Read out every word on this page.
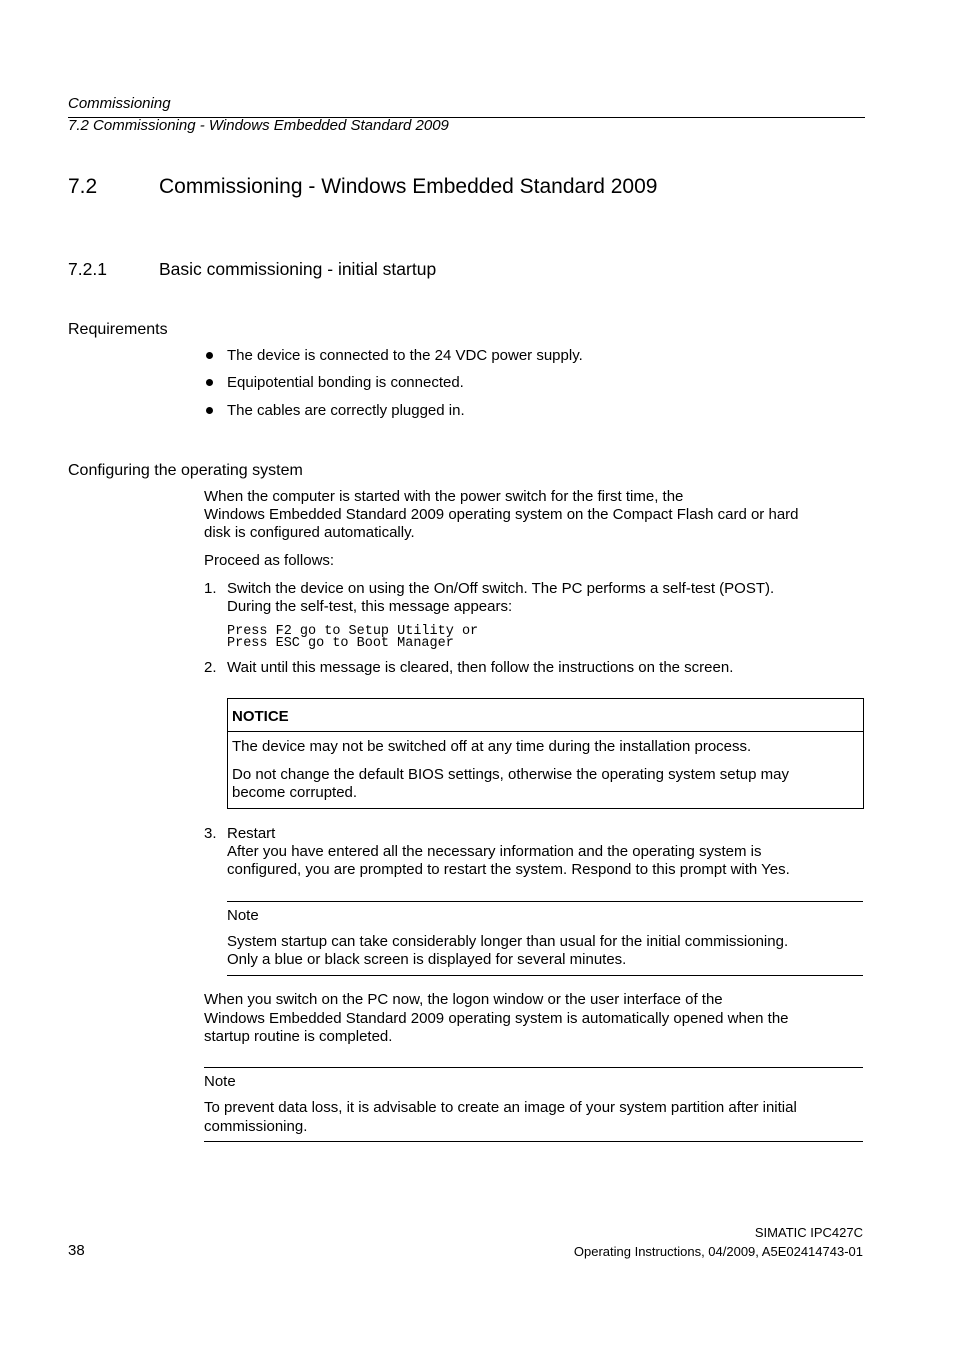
Commissioning
7.2 Commissioning - Windows Embedded Standard 2009
7.2	Commissioning - Windows Embedded Standard 2009
7.2.1	Basic commissioning - initial startup
Requirements
The device is connected to the 24 VDC power supply.
Equipotential bonding is connected.
The cables are correctly plugged in.
Configuring the operating system
When the computer is started with the power switch for the first time, the
Windows Embedded Standard 2009 operating system on the Compact Flash card or hard
disk is configured automatically.
Proceed as follows:
1. Switch the device on using the On/Off switch. The PC performs a self-test (POST).
During the self-test, this message appears:
Press F2 go to Setup Utility or
Press ESC go to Boot Manager
2. Wait until this message is cleared, then follow the instructions on the screen.
NOTICE
The device may not be switched off at any time during the installation process.
Do not change the default BIOS settings, otherwise the operating system setup may
become corrupted.
3. Restart
After you have entered all the necessary information and the operating system is
configured, you are prompted to restart the system. Respond to this prompt with Yes.
Note
System startup can take considerably longer than usual for the initial commissioning.
Only a blue or black screen is displayed for several minutes.
When you switch on the PC now, the logon window or the user interface of the
Windows Embedded Standard 2009 operating system is automatically opened when the
startup routine is completed.
Note
To prevent data loss, it is advisable to create an image of your system partition after initial
commissioning.
SIMATIC IPC427C
38	Operating Instructions, 04/2009, A5E02414743-01
